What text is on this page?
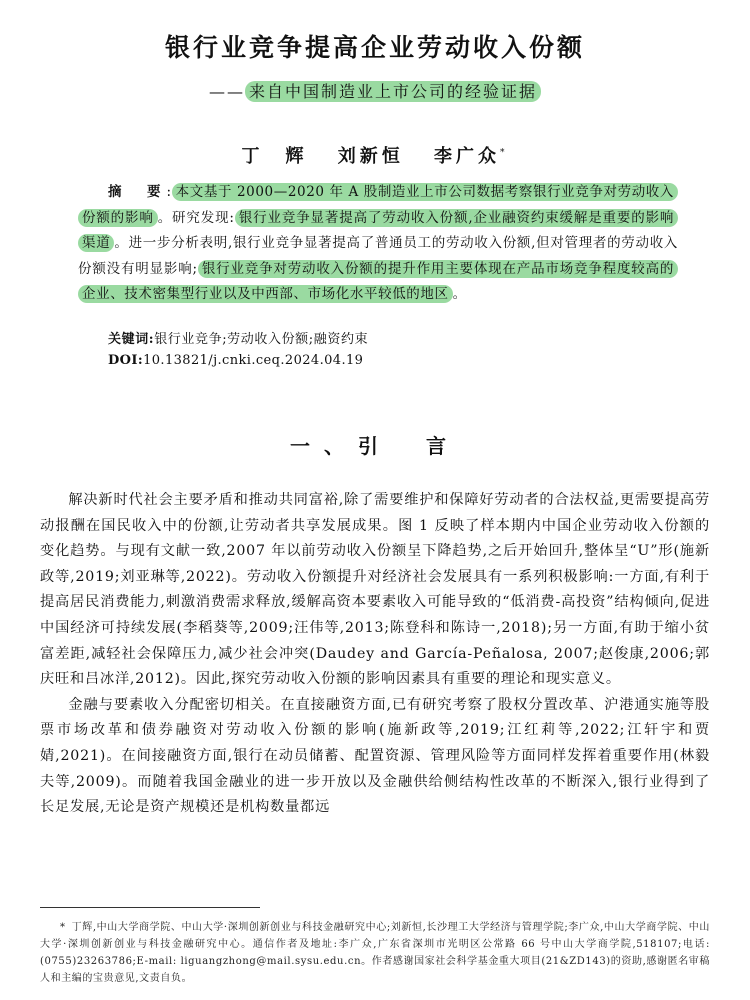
银行业竞争提高企业劳动收入份额
—— 来自中国制造业上市公司的经验证据
丁　辉 刘新恒 李广众*
摘　要: 本文基于 2000—2020 年 A 股制造业上市公司数据考察银行业竞争对劳动收入份额的影响 。研究发现: 银行业竞争显著提高了劳动收入份额,企业融资约束缓解是重要的影响渠道 。进一步分析表明,银行业竞争显著提高了普通员工的劳动收入份额,但对管理者的劳动收入份额没有明显影响; 银行业竞争对劳动收入份额的提升作用主要体现在产品市场竞争程度较高的企业、技术密集型行业以及中西部、市场化水平较低的地区 。
关键词:银行业竞争;劳动收入份额;融资约束
DOI:10.13821/j.cnki.ceq.2024.04.19
一、引　言

解决新时代社会主要矛盾和推动共同富裕,除了需要维护和保障好劳动者的合法权益,更需要提高劳动报酬在国民收入中的份额,让劳动者共享发展成果。图 1 反映了样本期内中国企业劳动收入份额的变化趋势。与现有文献一致,2007 年以前劳动收入份额呈下降趋势,之后开始回升,整体呈“U”形(施新政等,2019;刘亚琳等,2022)。劳动收入份额提升对经济社会发展具有一系列积极影响:一方面,有利于提高居民消费能力,刺激消费需求释放,缓解高资本要素收入可能导致的“低消费-高投资”结构倾向,促进中国经济可持续发展(李稻葵等,2009;汪伟等,2013;陈登科和陈诗一,2018);另一方面,有助于缩小贫富差距,减轻社会保障压力,减少社会冲突(Daudey and García-Peñalosa, 2007;赵俊康,2006;郭庆旺和吕冰洋,2012)。因此,探究劳动收入份额的影响因素具有重要的理论和现实意义。

金融与要素收入分配密切相关。在直接融资方面,已有研究考察了股权分置改革、沪港通实施等股票市场改革和债券融资对劳动收入份额的影响(施新政等,2019;江红莉等,2022;江轩宇和贾婧,2021)。在间接融资方面,银行在动员储蓄、配置资源、管理风险等方面同样发挥着重要作用(林毅夫等,2009)。而随着我国金融业的进一步开放以及金融供给侧结构性改革的不断深入,银行业得到了长足发展,无论是资产规模还是机构数量都远

* 丁辉,中山大学商学院、中山大学·深圳创新创业与科技金融研究中心;刘新恒,长沙理工大学经济与管理学院;李广众,中山大学商学院、中山大学·深圳创新创业与科技金融研究中心。通信作者及地址:李广众,广东省深圳市光明区公常路 66 号中山大学商学院,518107;电话:(0755)23263786;E-mail: liguangzhong@mail.sysu.edu.cn。作者感谢国家社会科学基金重大项目(21&ZD143)的资助,感谢匿名审稿人和主编的宝贵意见,文责自负。
